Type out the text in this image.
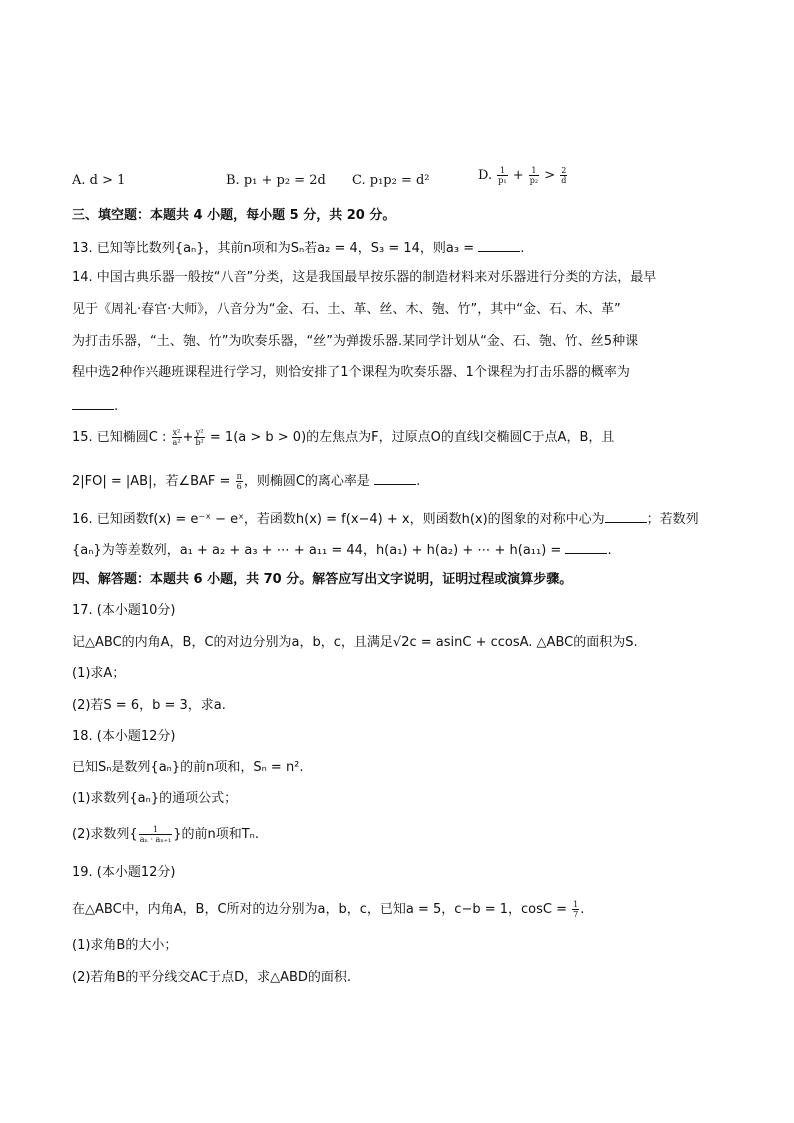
A. d > 1	B. p₁ + p₂ = 2d C. p₁p₂ = d²	D. $\frac{1}{\text{p₁}} + \frac{1}{\text{p₂}} > \frac{2}{d}$
三、填空题：本题共 4 小题，每小题 5 分，共 20 分。
13. 已知等比数列{aₙ}，其前n项和为Sₙ若a₂ = 4，S₃ = 14，则a₃ =	.
14. 中国古典乐器一般按“八音”分类，这是我国最早按乐器的制造材料来对乐器进行分类的方法，最早
见于《周礼·春官·大师》，八音分为“金、石、土、革、丝、木、匏、竹”，其中“金、石、木、革”
为打击乐器，“土、匏、竹”为吹奏乐器，“丝”为弹拨乐器.某同学计划从“金、石、匏、竹、丝5种课
程中选2种作兴趣班课程进行学习，则恰安排了1个课程为吹奏乐器、1个课程为打击乐器的概率为
.
15. 已知椭圆C : $\frac{\text{x²}}{\text{a²}} + \frac{\text{y²}}{\text{b²}} = 1(a > b > 0)$的左焦点为F，过原点O的直线l交椭圆C于点A，B，且
2|FO| = |AB|，若∠BAF = $\frac{\pi}{6}$ ，则椭圆C的离心率是	.
16. 已知函数f(x) = e⁻ˣ − eˣ，若函数h(x) = f(x−4) + x，则函数h(x)的图象的对称中心为	；若数列
{aₙ}为等差数列，a₁ + a₂ + a₃ + ⋯ + a₁₁ = 44，h(a₁) + h(a₂) + ⋯ + h(a₁₁) =	.
四、解答题：本题共 6 小题，共 70 分。解答应写出文字说明，证明过程或演算步骤。
17. (本小题10分)
记△ABC的内角A，B，C的对边分别为a，b，c，且满足√2c = asinC + ccosA. △ABC的面积为S.
(1)求A；
(2)若S = 6，b = 3，求a.
18. (本小题12分)
已知Sₙ是数列{aₙ}的前n项和，Sₙ = n².
(1)求数列{aₙ}的通项公式；
(2)求数列{ $\frac{1}{\text{aₙ · aₙ₊₁}}$ }的前n项和Tₙ.
19. (本小题12分)
在△ABC中，内角A，B，C所对的边分别为a，b，c，已知a = 5，c−b = 1，$\cos C = \frac{1}{7}$ .
(1)求角B的大小；
(2)若角B的平分线交AC于点D，求△ABD的面积.
